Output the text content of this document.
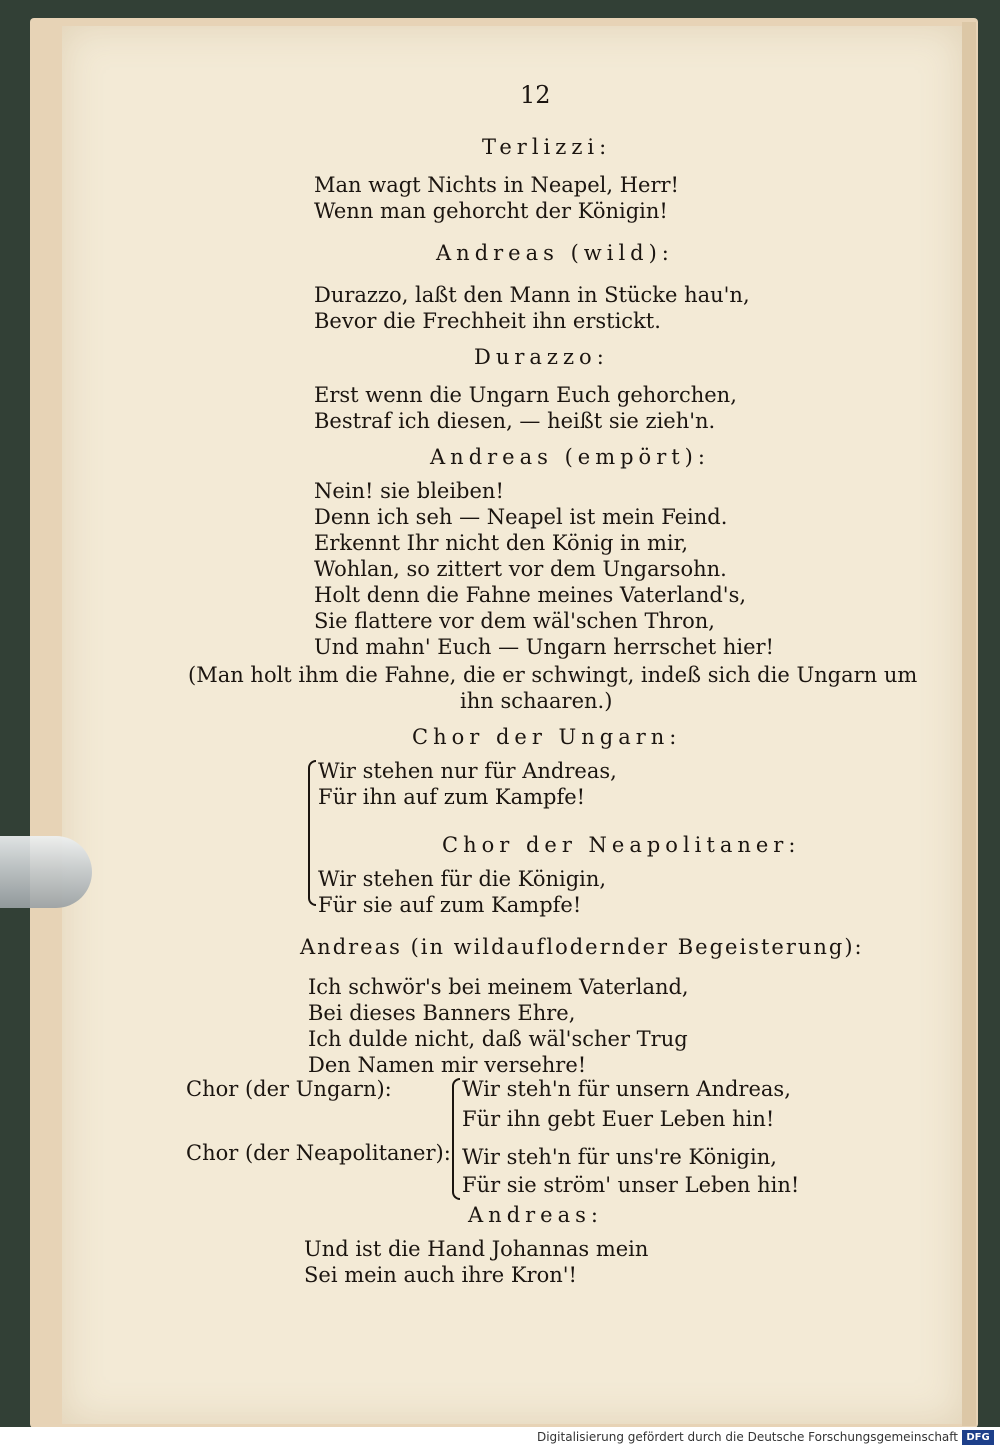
12
Terlizzi:
Man wagt Nichts in Neapel, Herr!
Wenn man gehorcht der Königin!
Andreas (wild):
Durazzo, laßt den Mann in Stücke hau'n,
Bevor die Frechheit ihn erstickt.
Durazzo:
Erst wenn die Ungarn Euch gehorchen,
Bestraf ich diesen, — heißt sie zieh'n.
Andreas (empört):
Nein! sie bleiben!
Denn ich seh — Neapel ist mein Feind.
Erkennt Ihr nicht den König in mir,
Wohlan, so zittert vor dem Ungarsohn.
Holt denn die Fahne meines Vaterland's,
Sie flattere vor dem wäl'schen Thron,
Und mahn' Euch — Ungarn herrschet hier!
(Man holt ihm die Fahne, die er schwingt, indeß sich die Ungarn um
ihn schaaren.)
Chor der Ungarn:
Wir stehen nur für Andreas,
Für ihn auf zum Kampfe!
Chor der Neapolitaner:
Wir stehen für die Königin,
Für sie auf zum Kampfe!
Andreas (in wildauflodernder Begeisterung):
Ich schwör's bei meinem Vaterland,
Bei dieses Banners Ehre,
Ich dulde nicht, daß wäl'scher Trug
Den Namen mir versehre!
Chor (der Ungarn):	Wir steh'n für unsern Andreas,
Für ihn gebt Euer Leben hin!
Chor (der Neapolitaner): Wir steh'n für uns're Königin,
Für sie ström' unser Leben hin!
Andreas:
Und ist die Hand Johannas mein
Sei mein auch ihre Kron'!
Digitalisierung gefördert durch die Deutsche Forschungsgemeinschaft DFG
